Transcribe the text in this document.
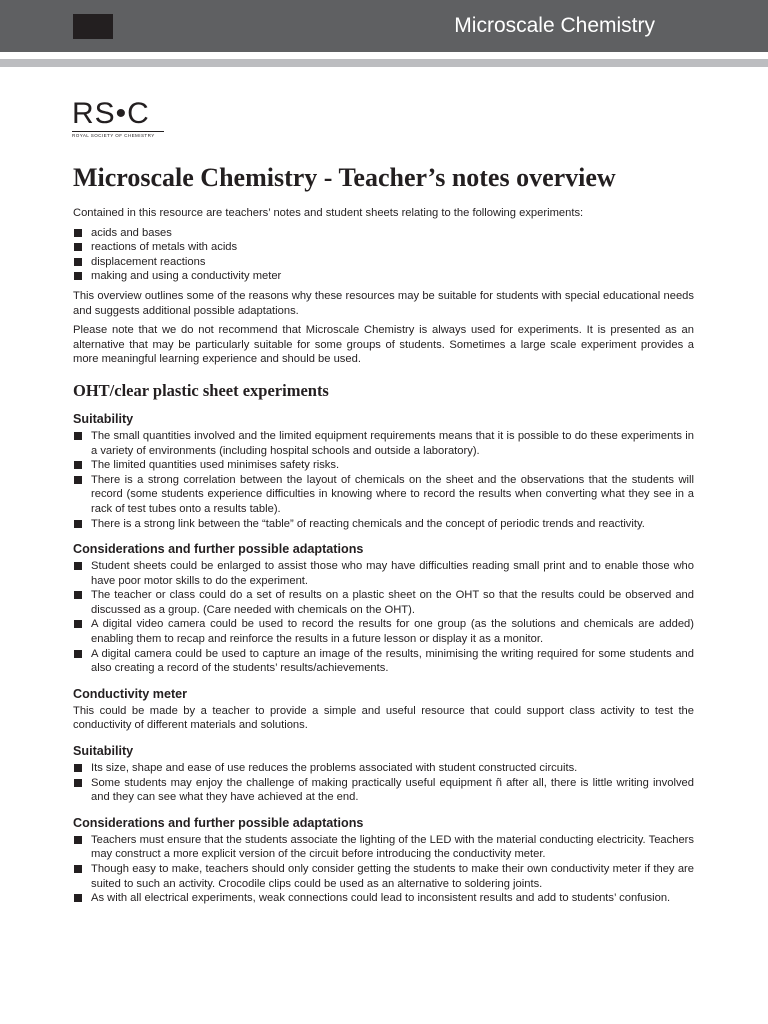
Microscale Chemistry
RS•C
ROYAL SOCIETY OF CHEMISTRY
Microscale Chemistry - Teacher’s notes overview

Contained in this resource are teachers’ notes and student sheets relating to the following experiments:

acids and bases
reactions of metals with acids
displacement reactions
making and using a conductivity meter

This overview outlines some of the reasons why these resources may be suitable for students with special educational needs and suggests additional possible adaptations.

Please note that we do not recommend that Microscale Chemistry is always used for experiments. It is presented as an alternative that may be particularly suitable for some groups of students. Sometimes a large scale experiment provides a more meaningful learning experience and should be used.

OHT/clear plastic sheet experiments
Suitability
The small quantities involved and the limited equipment requirements means that it is possible to do these experiments in a variety of environments (including hospital schools and outside a laboratory).
The limited quantities used minimises safety risks.
There is a strong correlation between the layout of chemicals on the sheet and the observations that the students will record (some students experience difficulties in knowing where to record the results when converting what they see in a rack of test tubes onto a results table).
There is a strong link between the “table” of reacting chemicals and the concept of periodic trends and reactivity.
Considerations and further possible adaptations
Student sheets could be enlarged to assist those who may have difficulties reading small print and to enable those who have poor motor skills to do the experiment.
The teacher or class could do a set of results on a plastic sheet on the OHT so that the results could be observed and discussed as a group. (Care needed with chemicals on the OHT).
A digital video camera could be used to record the results for one group (as the solutions and chemicals are added) enabling them to recap and reinforce the results in a future lesson or display it as a monitor.
A digital camera could be used to capture an image of the results, minimising the writing required for some students and also creating a record of the students’ results/achievements.
Conductivity meter

This could be made by a teacher to provide a simple and useful resource that could support class activity to test the conductivity of different materials and solutions.

Suitability
Its size, shape and ease of use reduces the problems associated with student constructed circuits.
Some students may enjoy the challenge of making practically useful equipment ñ after all, there is little writing involved and they can see what they have achieved at the end.
Considerations and further possible adaptations
Teachers must ensure that the students associate the lighting of the LED with the material conducting electricity. Teachers may construct a more explicit version of the circuit before introducing the conductivity meter.
Though easy to make, teachers should only consider getting the students to make their own conductivity meter if they are suited to such an activity. Crocodile clips could be used as an alternative to soldering joints.
As with all electrical experiments, weak connections could lead to inconsistent results and add to students’ confusion.
